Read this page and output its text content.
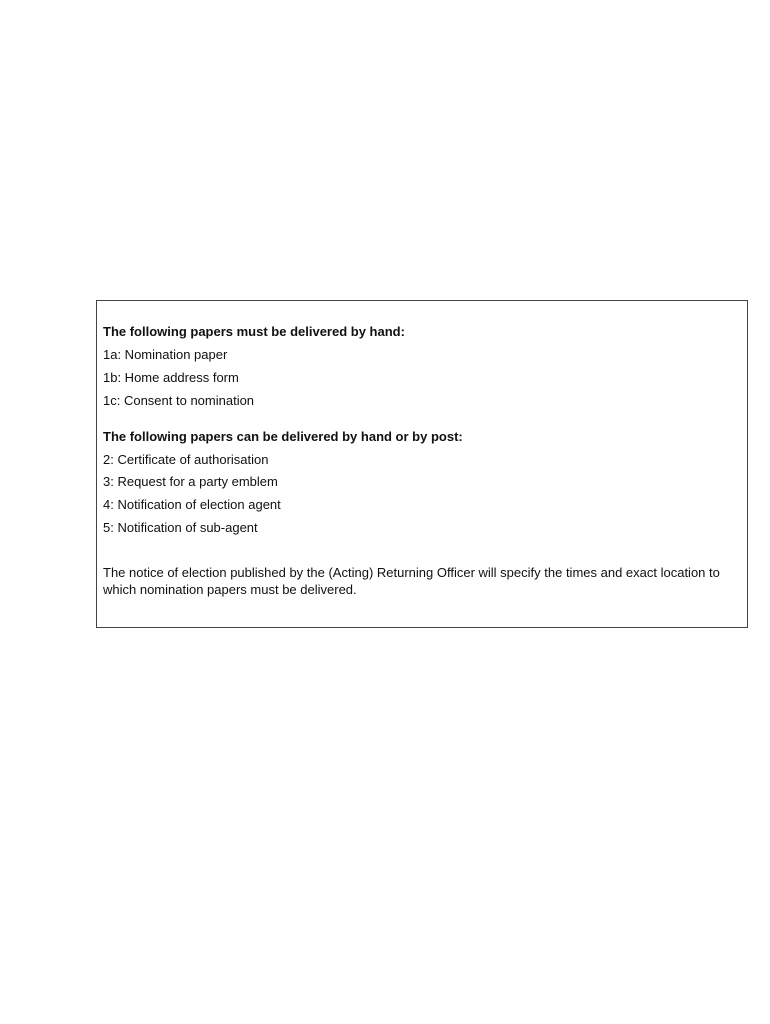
The following papers must be delivered by hand:
1a: Nomination paper
1b: Home address form
1c: Consent to nomination
The following papers can be delivered by hand or by post:
2: Certificate of authorisation
3: Request for a party emblem
4: Notification of election agent
5: Notification of sub-agent
The notice of election published by the (Acting) Returning Officer will specify the times and exact location to which nomination papers must be delivered.
